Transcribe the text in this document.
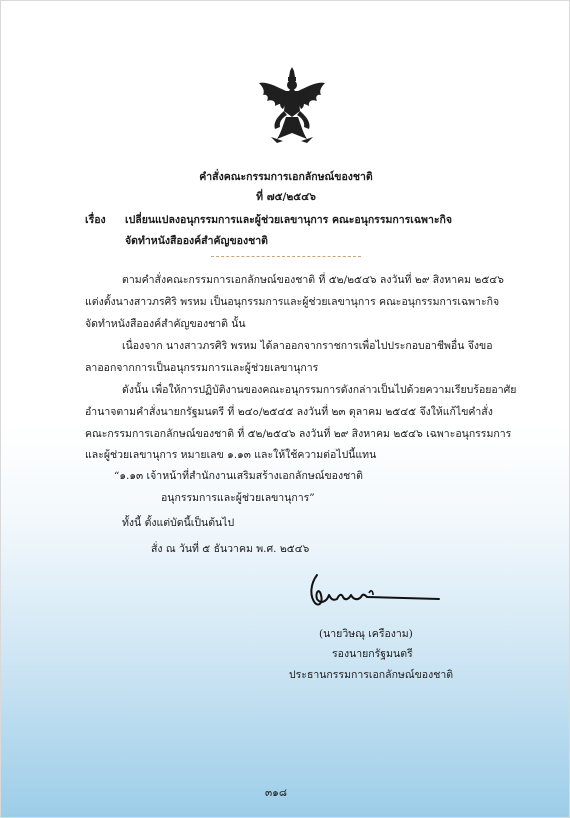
คำสั่งคณะกรรมการเอกลักษณ์ของชาติ
ที่ ๗๕/๒๕๔๖
เรื่อง เปลี่ยนแปลงอนุกรรมการและผู้ช่วยเลขานุการ คณะอนุกรรมการเฉพาะกิจ
จัดทำหนังสือองค์สำคัญของชาติ
ตามคำสั่งคณะกรรมการเอกลักษณ์ของชาติ ที่ ๕๒/๒๕๔๖ ลงวันที่ ๒๙ สิงหาคม ๒๕๔๖
แต่งตั้งนางสาวภรศิริ พรหม เป็นอนุกรรมการและผู้ช่วยเลขานุการ คณะอนุกรรมการเฉพาะกิจ
จัดทำหนังสือองค์สำคัญของชาติ นั้น
เนื่องจาก นางสาวภรศิริ พรหม ได้ลาออกจากราชการเพื่อไปประกอบอาชีพอื่น จึงขอ
ลาออกจากการเป็นอนุกรรมการและผู้ช่วยเลขานุการ
ดังนั้น เพื่อให้การปฏิบัติงานของคณะอนุกรรมการดังกล่าวเป็นไปด้วยความเรียบร้อยอาศัย
อำนาจตามคำสั่งนายกรัฐมนตรี ที่ ๒๔๐/๒๕๔๕ ลงวันที่ ๒๓ ตุลาคม ๒๕๔๕ จึงให้แก้ไขคำสั่ง
คณะกรรมการเอกลักษณ์ของชาติ ที่ ๕๒/๒๕๔๖ ลงวันที่ ๒๙ สิงหาคม ๒๕๔๖ เฉพาะอนุกรรมการ
และผู้ช่วยเลขานุการ หมายเลข ๑.๑๓ และให้ใช้ความต่อไปนี้แทน
“๑.๑๓ เจ้าหน้าที่สำนักงานเสริมสร้างเอกลักษณ์ของชาติ
อนุกรรมการและผู้ช่วยเลขานุการ”
ทั้งนี้ ตั้งแต่บัดนี้เป็นต้นไป
สั่ง ณ วันที่ ๕ ธันวาคม พ.ศ. ๒๕๔๖
(นายวิษณุ เครืองาม)
รองนายกรัฐมนตรี
ประธานกรรมการเอกลักษณ์ของชาติ
๓๑๘
